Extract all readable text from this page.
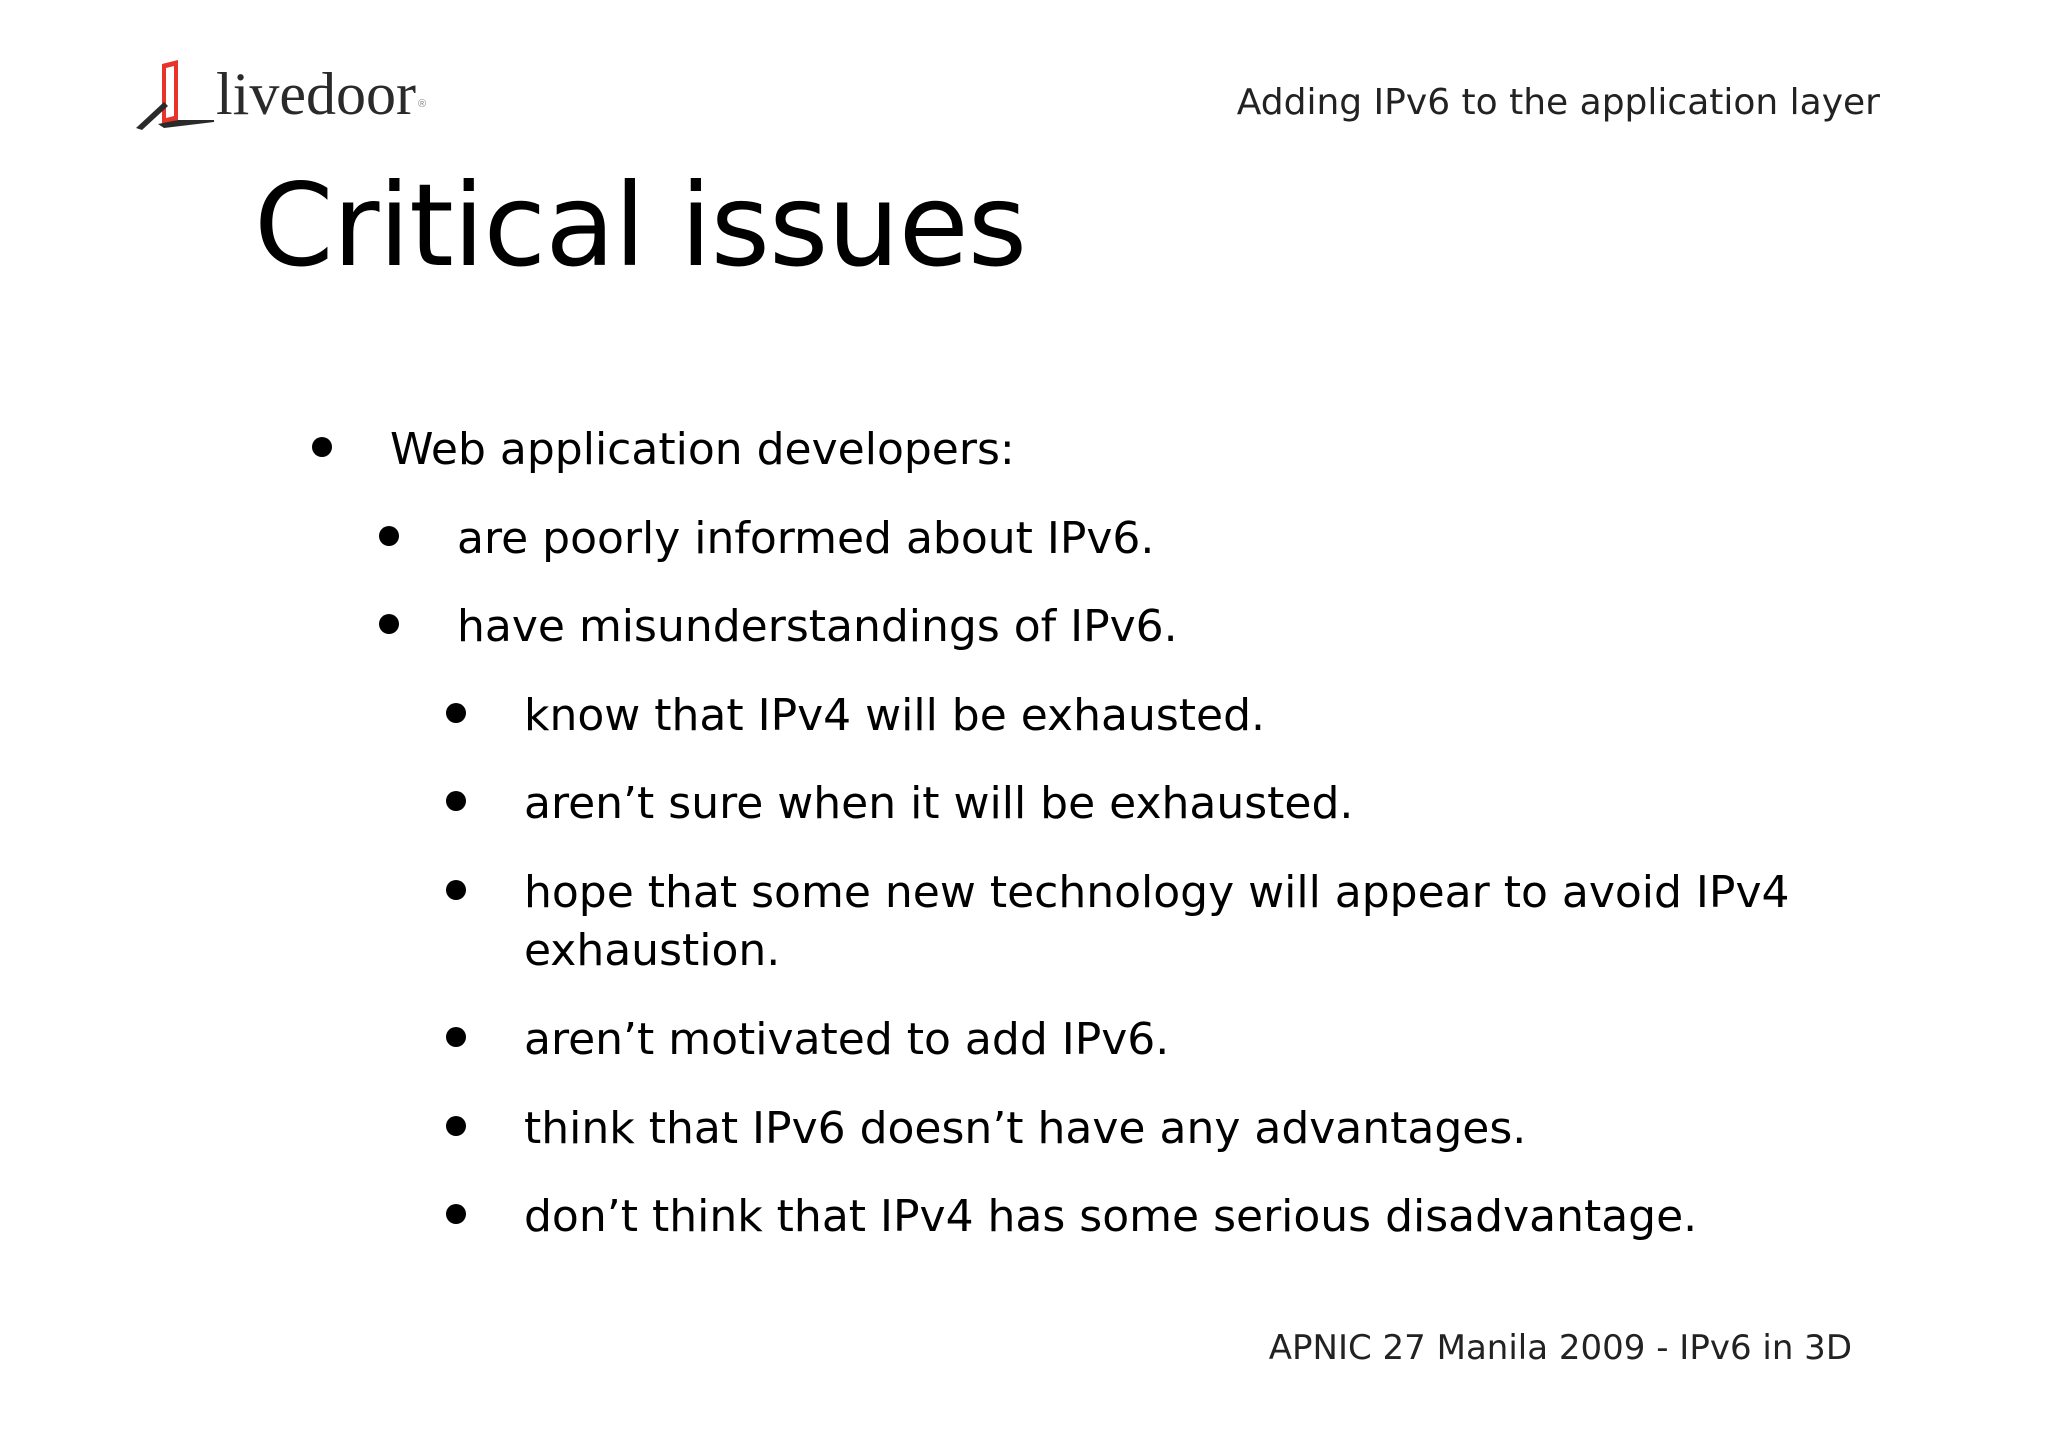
livedoor ®	Adding IPv6 to the application layer
Critical issues
Web application developers:
are poorly informed about IPv6.
have misunderstandings of IPv6.
know that IPv4 will be exhausted.
aren’t sure when it will be exhausted.
hope that some new technology will appear to avoid IPv4 exhaustion.
aren’t motivated to add IPv6.
think that IPv6 doesn’t have any advantages.
don’t think that IPv4 has some serious disadvantage.
APNIC 27 Manila 2009 - IPv6 in 3D
